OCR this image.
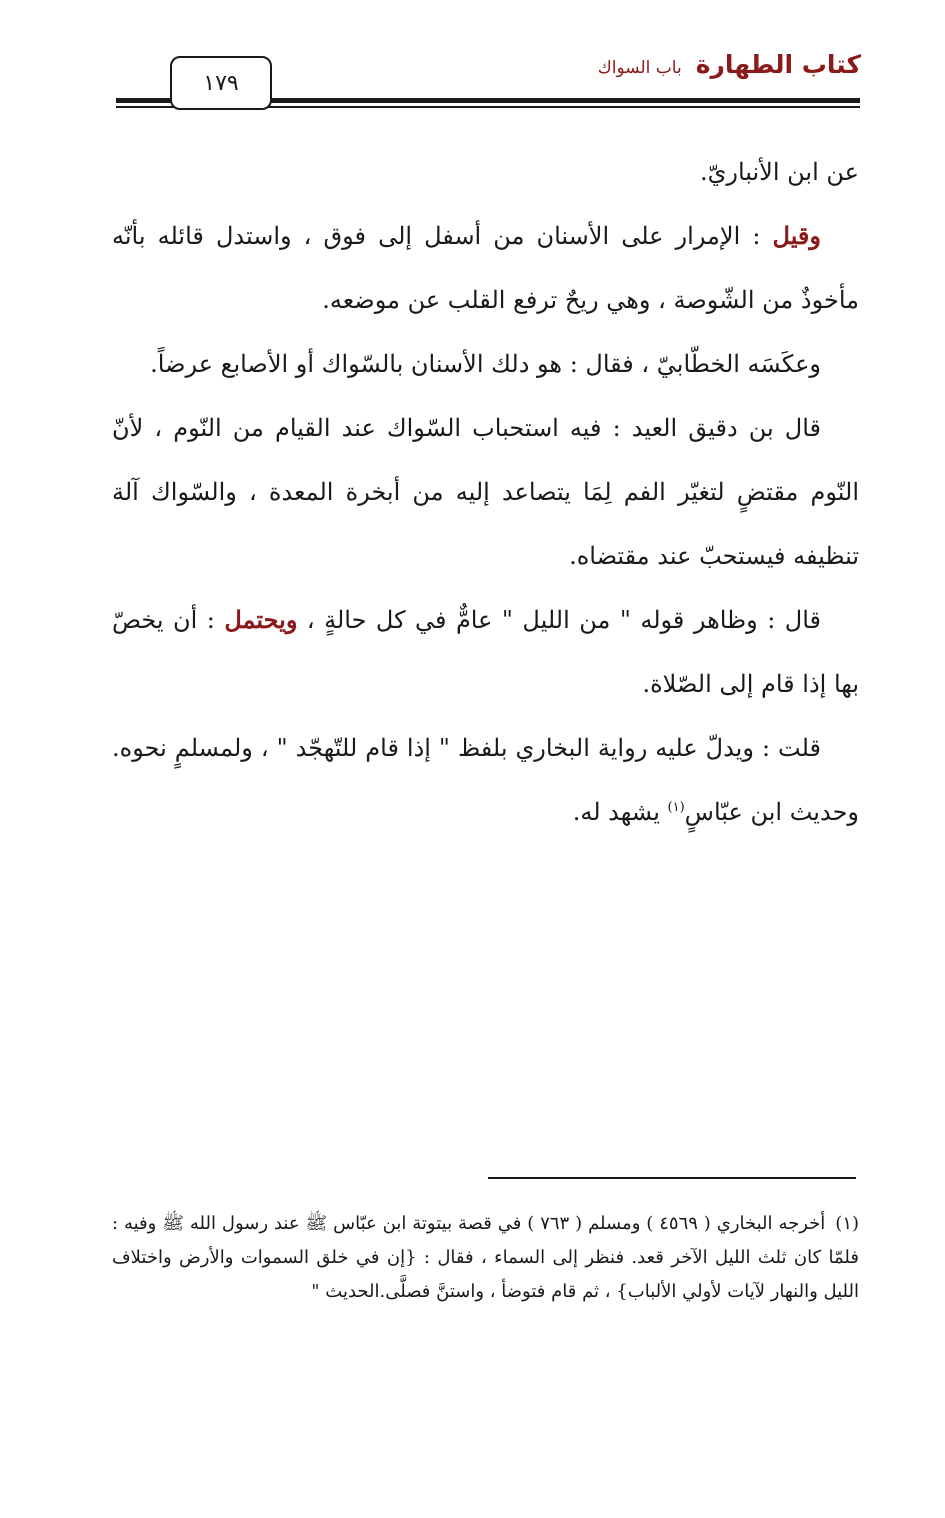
كتاب الطهارة
باب السواك
١٧٩

عن ابن الأنباريّ.

وقيل : الإمرار على الأسنان من أسفل إلى فوق ، واستدل قائله بأنّه مأخوذٌ من الشّوصة ، وهي ريحٌ ترفع القلب عن موضعه.

وعكَسَه الخطّابيّ ، فقال : هو دلك الأسنان بالسّواك أو الأصابع عرضاً.

قال بن دقيق العيد : فيه استحباب السّواك عند القيام من النّوم ، لأنّ النّوم مقتضٍ لتغيّر الفم لِمَا يتصاعد إليه من أبخرة المعدة ، والسّواك آلة تنظيفه فيستحبّ عند مقتضاه.

قال : وظاهر قوله " من الليل " عامٌّ في كل حالةٍ ، ويحتمل : أن يخصّ بها إذا قام إلى الصّلاة.

قلت : ويدلّ عليه رواية البخاري بلفظ " إذا قام للتّهجّد " ، ولمسلمٍ نحوه. وحديث ابن عبّاسٍ$^{(١)}$ يشهد له.

(١)أخرجه البخاري ( ٤٥٦٩ ) ومسلم ( ٧٦٣ ) في قصة بيتوتة ابن عبّاس ﷺ عند رسول الله ﷺ وفيه : فلمّا كان ثلث الليل الآخر قعد. فنظر إلى السماء ، فقال : {إن في خلق السموات والأرض واختلاف الليل والنهار لآيات لأولي الألباب} ، ثم قام فتوضأ ، واستنَّ فصلَّى.الحديث "
